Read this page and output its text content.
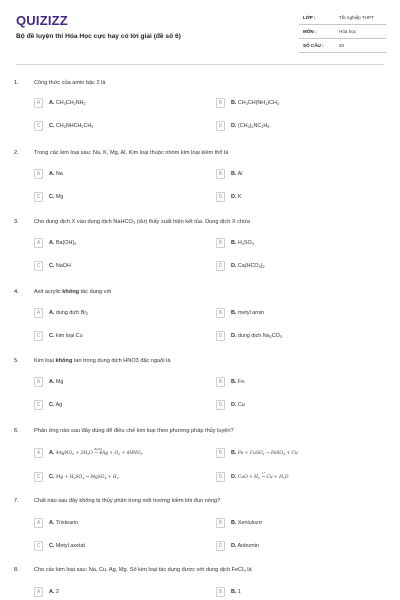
QUIZIZZ
Bộ đề luyện thi Hóa Học cực hay có lời giải (đề số 6)
LỚP :	Tốt nghiệp THPT
MÔN :	Hóa học
SỐ CÂU :	40
1.	Công thức của amin bậc 2 là
A	A. $CH_3CH_2NH_2$	B	B. $CH_3CH(NH_2)CH_3$
C	C. $CH_3NHCH_2CH_3$	D	D. $(CH_3)_2NC_2H_5$
2.	Trong các kim loại sau: Na, K, Mg, Al. Kim loại thuộc nhóm kim loại kiềm thổ là
A	A. Na	B	B. Al
C	C. Mg	D	D. K
3.	Cho dung dịch X vào dung dịch NaHCO₃ (dư) thấy xuất hiện kết tủa. Dung dịch X chứa
A	A. $Ba(OH)_2$	B	B. $H_2SO_4$
C	C. NaOH	D	D. $Ca(HCO_3)_2$
4.	Axit acrylic không tác dụng với
A	A. dung dịch $Br_2$	B	B. metyl amin
C	C. kim loại Cu	D	D. dung dịch $Na_2CO_3$
5.	Kim loại không tan trong dung dịch HNO3 đặc nguội là
A	A. Mg	B	B. Fe.
C	C. Ag	D	D. Cu
6.	Phản ứng nào sau đây dùng để điều chế kim loại theo phương pháp thủy luyện?
A	A. 4AgNO$_3$ + $2H_2O$
đpdd
→ $4Ag + O_2 + 4HNO_3$	B	B. Fe + CuSO$_4$ → FeSO$_4$ + Cu
C	C. $Mg + H_2SO_4$ → MgSO$_4$ + $H_2$	D	D. CuO + $H_2$
t°
→ $Cu + H_2O$
7.	Chất nào sau đây không bị thủy phân trong môi trường kiềm khi đun nóng?
A	A. Tristearin	B	B. Xenlulozơ
C	C. Metyl axetat	D	D. Anbumin
8.	Cho các kim loại sau: Na, Cu, Ag, Mg. Số kim loại tác dụng được với dung dịch FeCl$_3$ là
A	A. 2	B	B. 1
